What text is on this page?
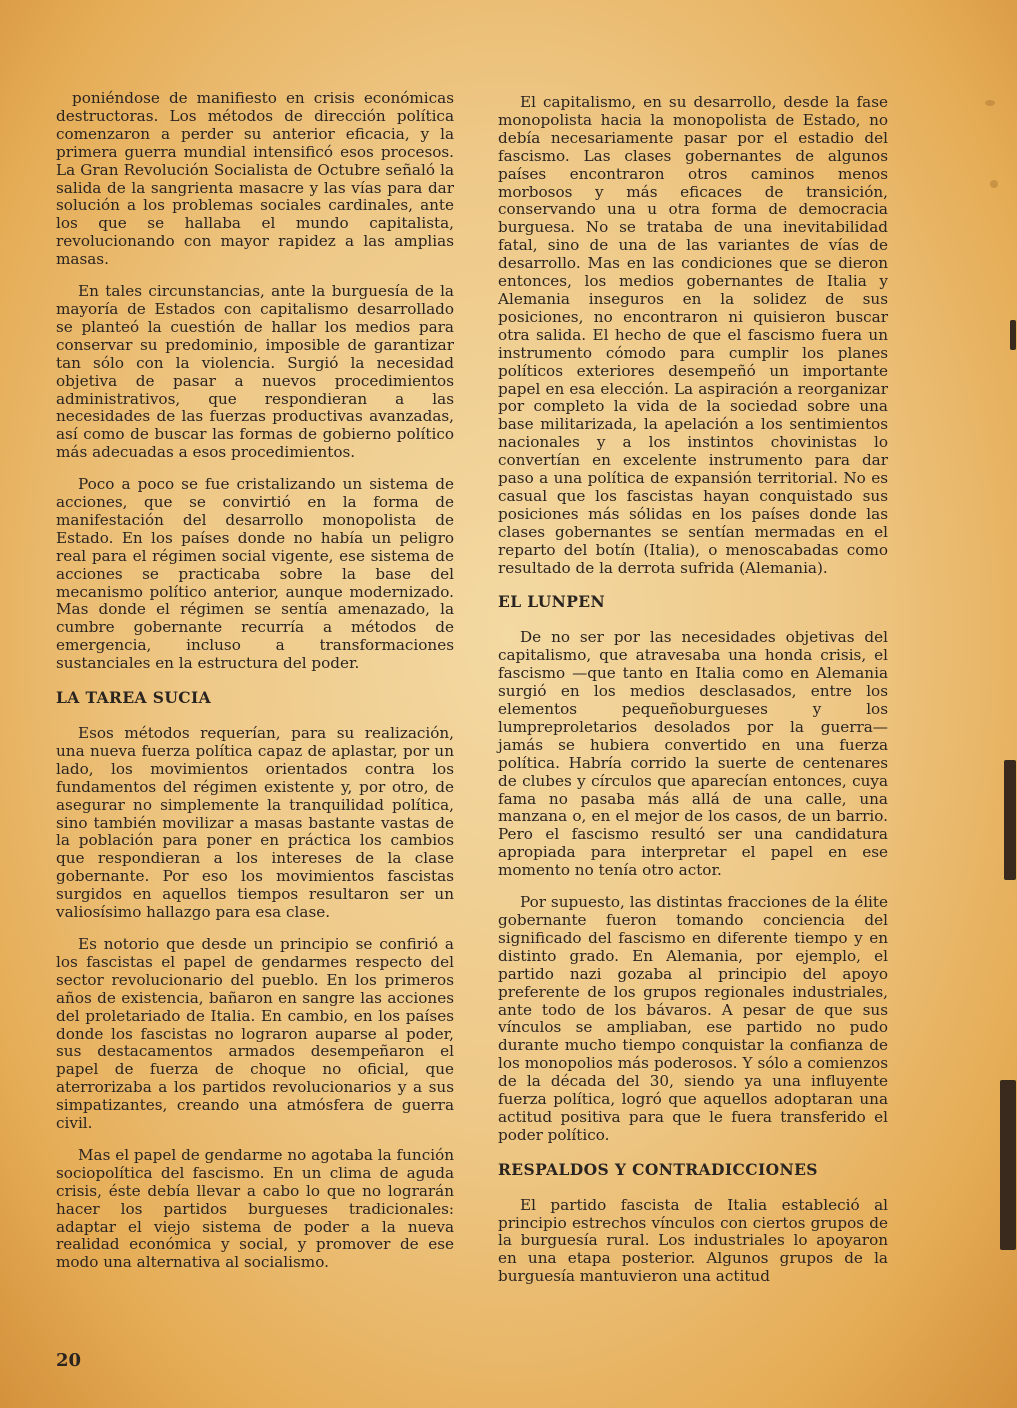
poniéndose de manifiesto en crisis económicas destructoras. Los métodos de dirección política comenzaron a perder su anterior eficacia, y la primera guerra mundial intensificó esos procesos. La Gran Revolución Socialista de Octubre señaló la salida de la sangrienta masacre y las vías para dar solución a los problemas sociales cardinales, ante los que se hallaba el mundo capitalista, revolucionando con mayor rapidez a las amplias masas.

En tales circunstancias, ante la burguesía de la mayoría de Estados con capitalismo desarrollado se planteó la cuestión de hallar los medios para conservar su predominio, imposible de garantizar tan sólo con la violencia. Surgió la necesidad objetiva de pasar a nuevos procedimientos administrativos, que respondieran a las necesidades de las fuerzas productivas avanzadas, así como de buscar las formas de gobierno político más adecuadas a esos procedimientos.

Poco a poco se fue cristalizando un sistema de acciones, que se convirtió en la forma de manifestación del desarrollo monopolista de Estado. En los países donde no había un peligro real para el régimen social vigente, ese sistema de acciones se practicaba sobre la base del mecanismo político anterior, aunque modernizado. Mas donde el régimen se sentía amenazado, la cumbre gobernante recurría a métodos de emergencia, incluso a transformaciones sustanciales en la estructura del poder.

LA TAREA SUCIA

Esos métodos requerían, para su realización, una nueva fuerza política capaz de aplastar, por un lado, los movimientos orientados contra los fundamentos del régimen existente y, por otro, de asegurar no simplemente la tranquilidad política, sino también movilizar a masas bastante vastas de la población para poner en práctica los cambios que respondieran a los intereses de la clase gobernante. Por eso los movimientos fascistas surgidos en aquellos tiempos resultaron ser un valiosísimo hallazgo para esa clase.

Es notorio que desde un principio se confirió a los fascistas el papel de gendarmes respecto del sector revolucionario del pueblo. En los primeros años de existencia, bañaron en sangre las acciones del proletariado de Italia. En cambio, en los países donde los fascistas no lograron auparse al poder, sus destacamentos armados desempeñaron el papel de fuerza de choque no oficial, que aterrorizaba a los partidos revolucionarios y a sus simpatizantes, creando una atmósfera de guerra civil.

Mas el papel de gendarme no agotaba la función sociopolítica del fascismo. En un clima de aguda crisis, éste debía llevar a cabo lo que no lograrán hacer los partidos burgueses tradicionales: adaptar el viejo sistema de poder a la nueva realidad económica y social, y promover de ese modo una alternativa al socialismo.

El capitalismo, en su desarrollo, desde la fase monopolista hacia la monopolista de Estado, no debía necesariamente pasar por el estadio del fascismo. Las clases gobernantes de algunos países encontraron otros caminos menos morbosos y más eficaces de transición, conservando una u otra forma de democracia burguesa. No se trataba de una inevitabilidad fatal, sino de una de las variantes de vías de desarrollo. Mas en las condiciones que se dieron entonces, los medios gobernantes de Italia y Alemania inseguros en la solidez de sus posiciones, no encontraron ni quisieron buscar otra salida. El hecho de que el fascismo fuera un instrumento cómodo para cumplir los planes políticos exteriores desempeñó un importante papel en esa elección. La aspiración a reorganizar por completo la vida de la sociedad sobre una base militarizada, la apelación a los sentimientos nacionales y a los instintos chovinistas lo convertían en excelente instrumento para dar paso a una política de expansión territorial. No es casual que los fascistas hayan conquistado sus posiciones más sólidas en los países donde las clases gobernantes se sentían mermadas en el reparto del botín (Italia), o menoscabadas como resultado de la derrota sufrida (Alemania).

EL LUNPEN

De no ser por las necesidades objetivas del capitalismo, que atravesaba una honda crisis, el fascismo —que tanto en Italia como en Alemania surgió en los medios desclasados, entre los elementos pequeñoburgueses y los lumpreproletarios desolados por la guerra— jamás se hubiera convertido en una fuerza política. Habría corrido la suerte de centenares de clubes y círculos que aparecían entonces, cuya fama no pasaba más allá de una calle, una manzana o, en el mejor de los casos, de un barrio. Pero el fascismo resultó ser una candidatura apropiada para interpretar el papel en ese momento no tenía otro actor.

Por supuesto, las distintas fracciones de la élite gobernante fueron tomando conciencia del significado del fascismo en diferente tiempo y en distinto grado. En Alemania, por ejemplo, el partido nazi gozaba al principio del apoyo preferente de los grupos regionales industriales, ante todo de los bávaros. A pesar de que sus vínculos se ampliaban, ese partido no pudo durante mucho tiempo conquistar la confianza de los monopolios más poderosos. Y sólo a comienzos de la década del 30, siendo ya una influyente fuerza política, logró que aquellos adoptaran una actitud positiva para que le fuera transferido el poder político.

RESPALDOS Y CONTRADICCIONES

El partido fascista de Italia estableció al principio estrechos vínculos con ciertos grupos de la burguesía rural. Los industriales lo apoyaron en una etapa posterior. Algunos grupos de la burguesía mantuvieron una actitud

20
